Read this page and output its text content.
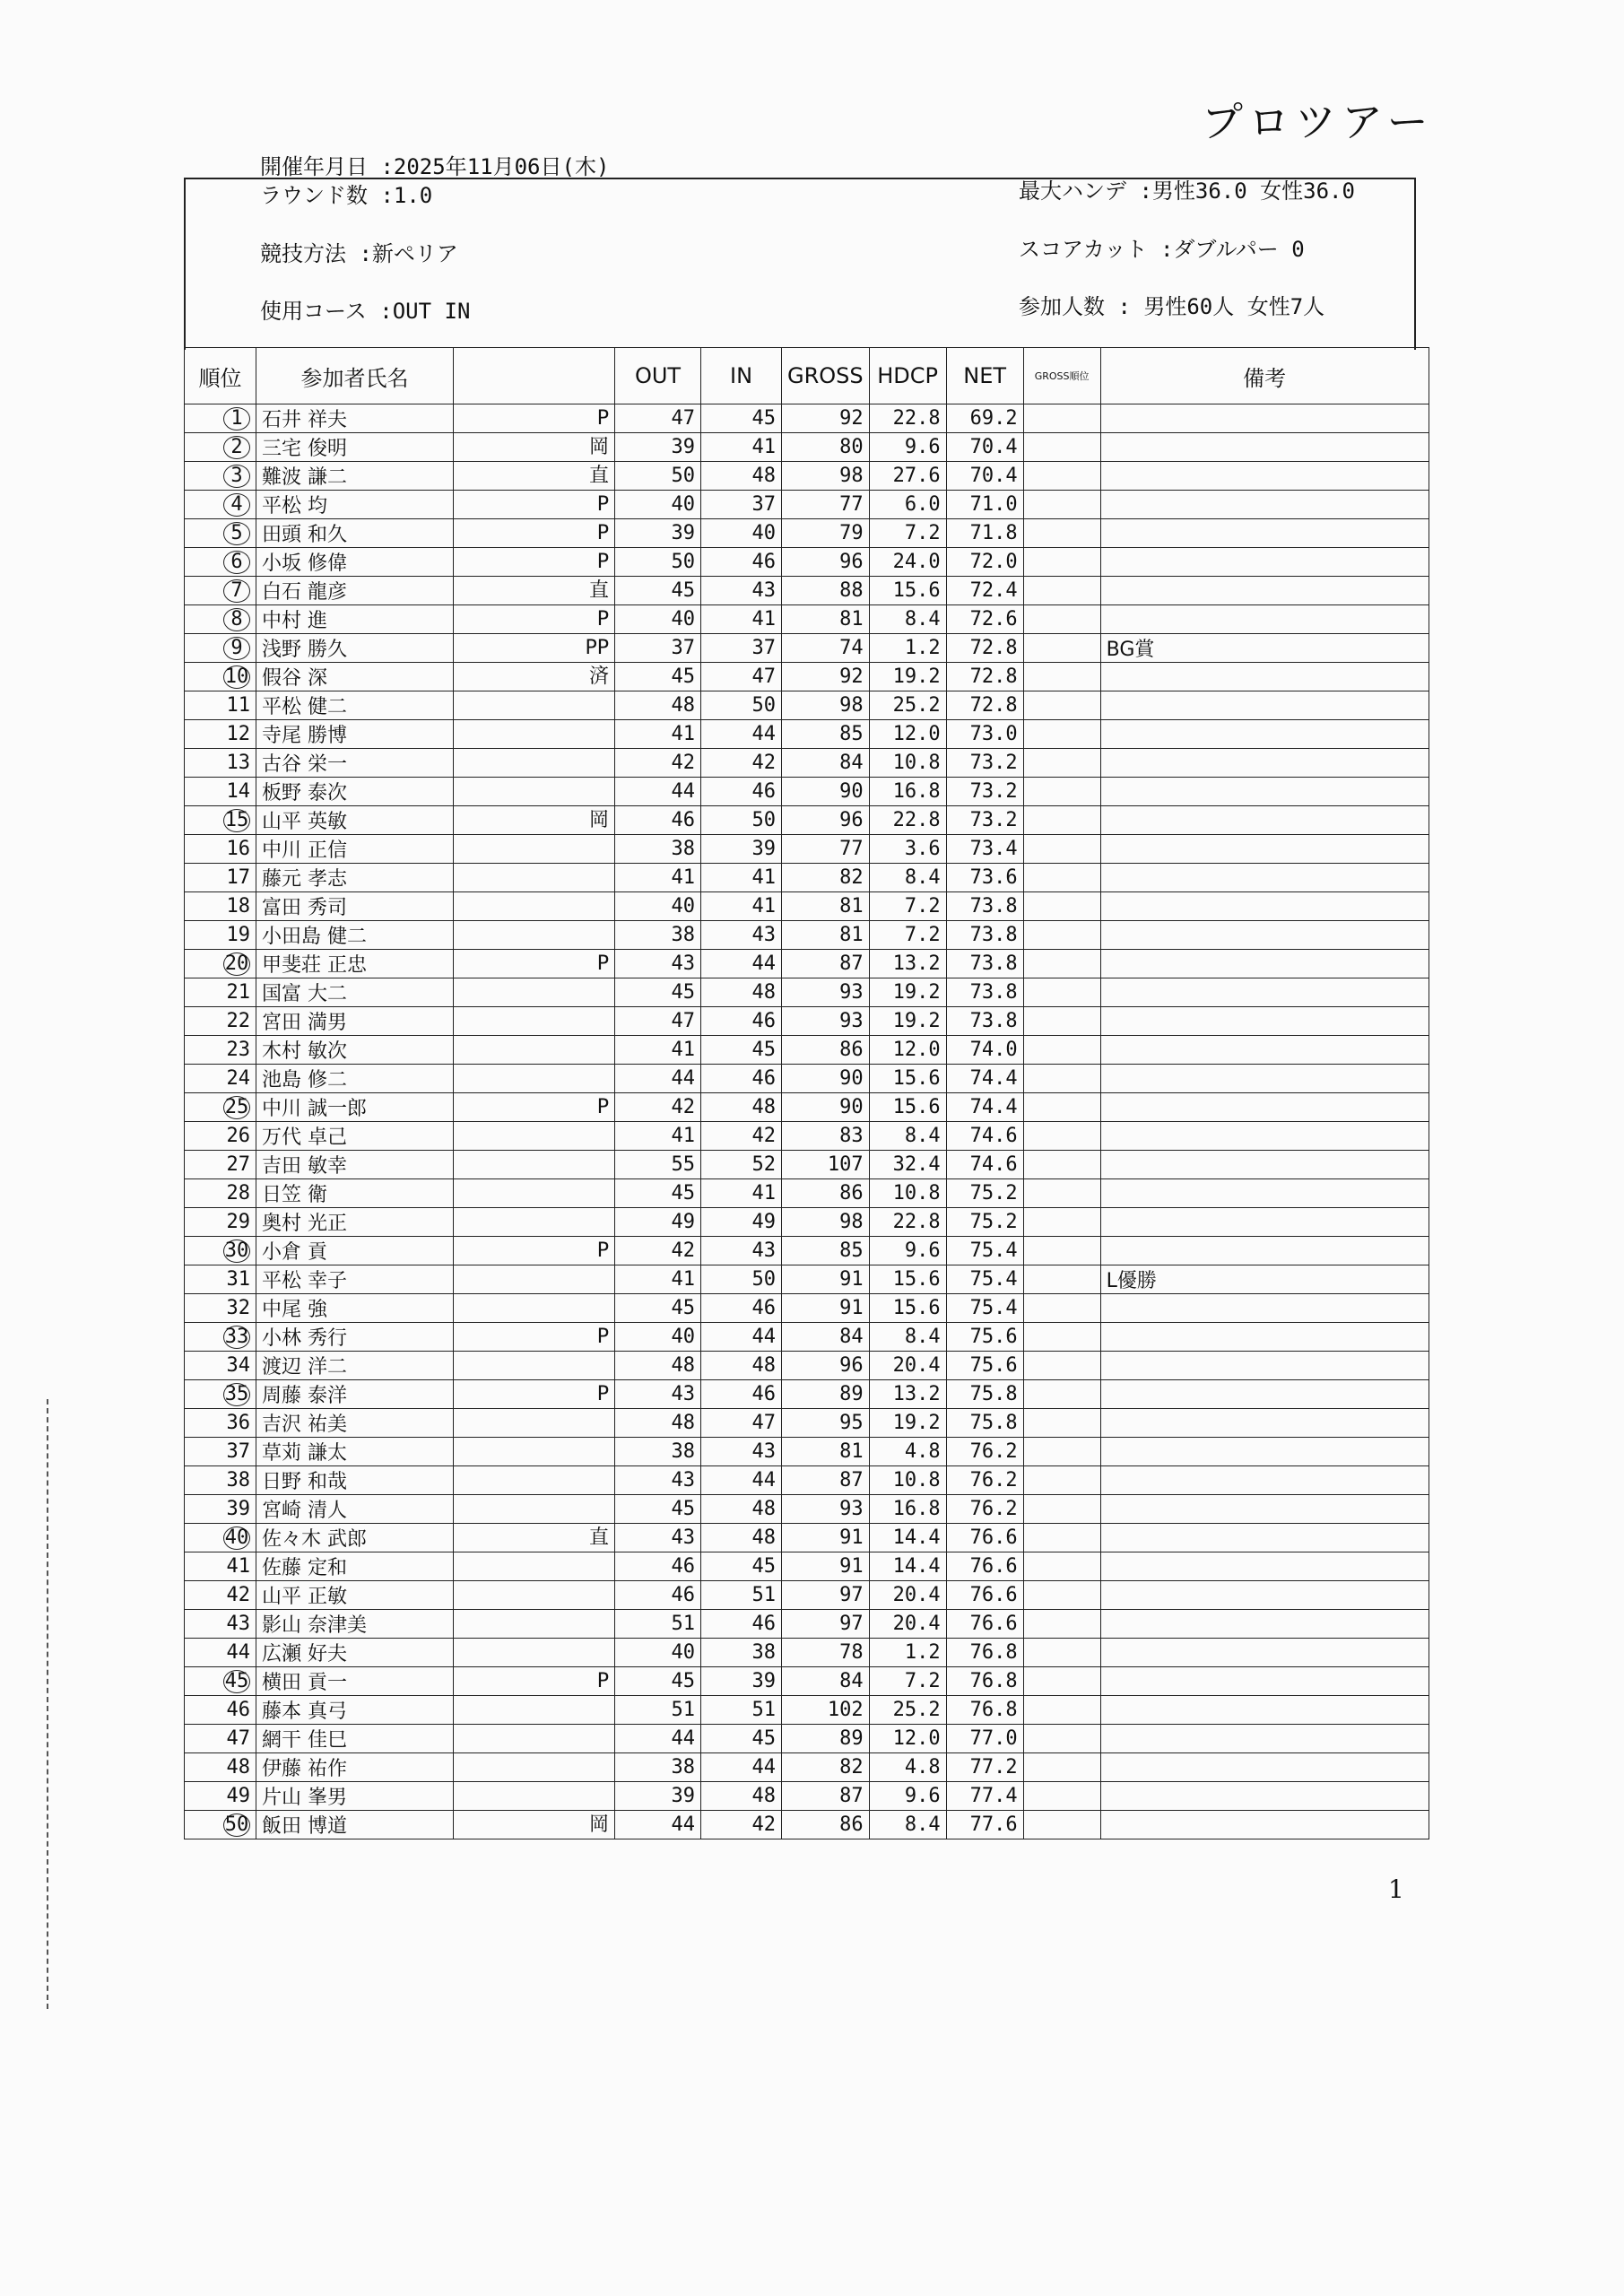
プロツアー
開催年月日 :2025年11月06日(木)
ラウンド数 :1.0
競技方法 :新ペリア
使用コース :OUT IN
最大ハンデ :男性36.0 女性36.0
スコアカット :ダブルパー 0
参加人数 : 男性60人 女性7人
順位	参加者氏名		OUT	IN	GROSS	HDCP	NET	GROSS順位	備考
1	石井 祥夫	P	47	45	92	22.8	69.2		
2	三宅 俊明	岡	39	41	80	9.6	70.4		
3	難波 謙二	直	50	48	98	27.6	70.4		
4	平松 均	P	40	37	77	6.0	71.0		
5	田頭 和久	P	39	40	79	7.2	71.8		
6	小坂 修偉	P	50	46	96	24.0	72.0		
7	白石 龍彦	直	45	43	88	15.6	72.4		
8	中村 進	P	40	41	81	8.4	72.6		
9	浅野 勝久	PP	37	37	74	1.2	72.8		BG賞
10	假谷 深	済	45	47	92	19.2	72.8		
11	平松 健二		48	50	98	25.2	72.8		
12	寺尾 勝博		41	44	85	12.0	73.0		
13	古谷 栄一		42	42	84	10.8	73.2		
14	板野 泰次		44	46	90	16.8	73.2		
15	山平 英敏	岡	46	50	96	22.8	73.2		
16	中川 正信		38	39	77	3.6	73.4		
17	藤元 孝志		41	41	82	8.4	73.6		
18	富田 秀司		40	41	81	7.2	73.8		
19	小田島 健二		38	43	81	7.2	73.8		
20	甲斐荘 正忠	P	43	44	87	13.2	73.8		
21	国富 大二		45	48	93	19.2	73.8		
22	宮田 満男		47	46	93	19.2	73.8		
23	木村 敏次		41	45	86	12.0	74.0		
24	池島 修二		44	46	90	15.6	74.4		
25	中川 誠一郎	P	42	48	90	15.6	74.4		
26	万代 卓己		41	42	83	8.4	74.6		
27	吉田 敏幸		55	52	107	32.4	74.6		
28	日笠 衛		45	41	86	10.8	75.2		
29	奥村 光正		49	49	98	22.8	75.2		
30	小倉 貢	P	42	43	85	9.6	75.4		
31	平松 幸子		41	50	91	15.6	75.4		L優勝
32	中尾 強		45	46	91	15.6	75.4		
33	小林 秀行	P	40	44	84	8.4	75.6		
34	渡辺 洋二		48	48	96	20.4	75.6		
35	周藤 泰洋	P	43	46	89	13.2	75.8		
36	吉沢 祐美		48	47	95	19.2	75.8		
37	草苅 謙太		38	43	81	4.8	76.2		
38	日野 和哉		43	44	87	10.8	76.2		
39	宮崎 清人		45	48	93	16.8	76.2		
40	佐々木 武郎	直	43	48	91	14.4	76.6		
41	佐藤 定和		46	45	91	14.4	76.6		
42	山平 正敏		46	51	97	20.4	76.6		
43	影山 奈津美		51	46	97	20.4	76.6		
44	広瀬 好夫		40	38	78	1.2	76.8		
45	横田 貢一	P	45	39	84	7.2	76.8		
46	藤本 真弓		51	51	102	25.2	76.8		
47	網干 佳巳		44	45	89	12.0	77.0		
48	伊藤 祐作		38	44	82	4.8	77.2		
49	片山 峯男		39	48	87	9.6	77.4		
50	飯田 博道	岡	44	42	86	8.4	77.6		
1
